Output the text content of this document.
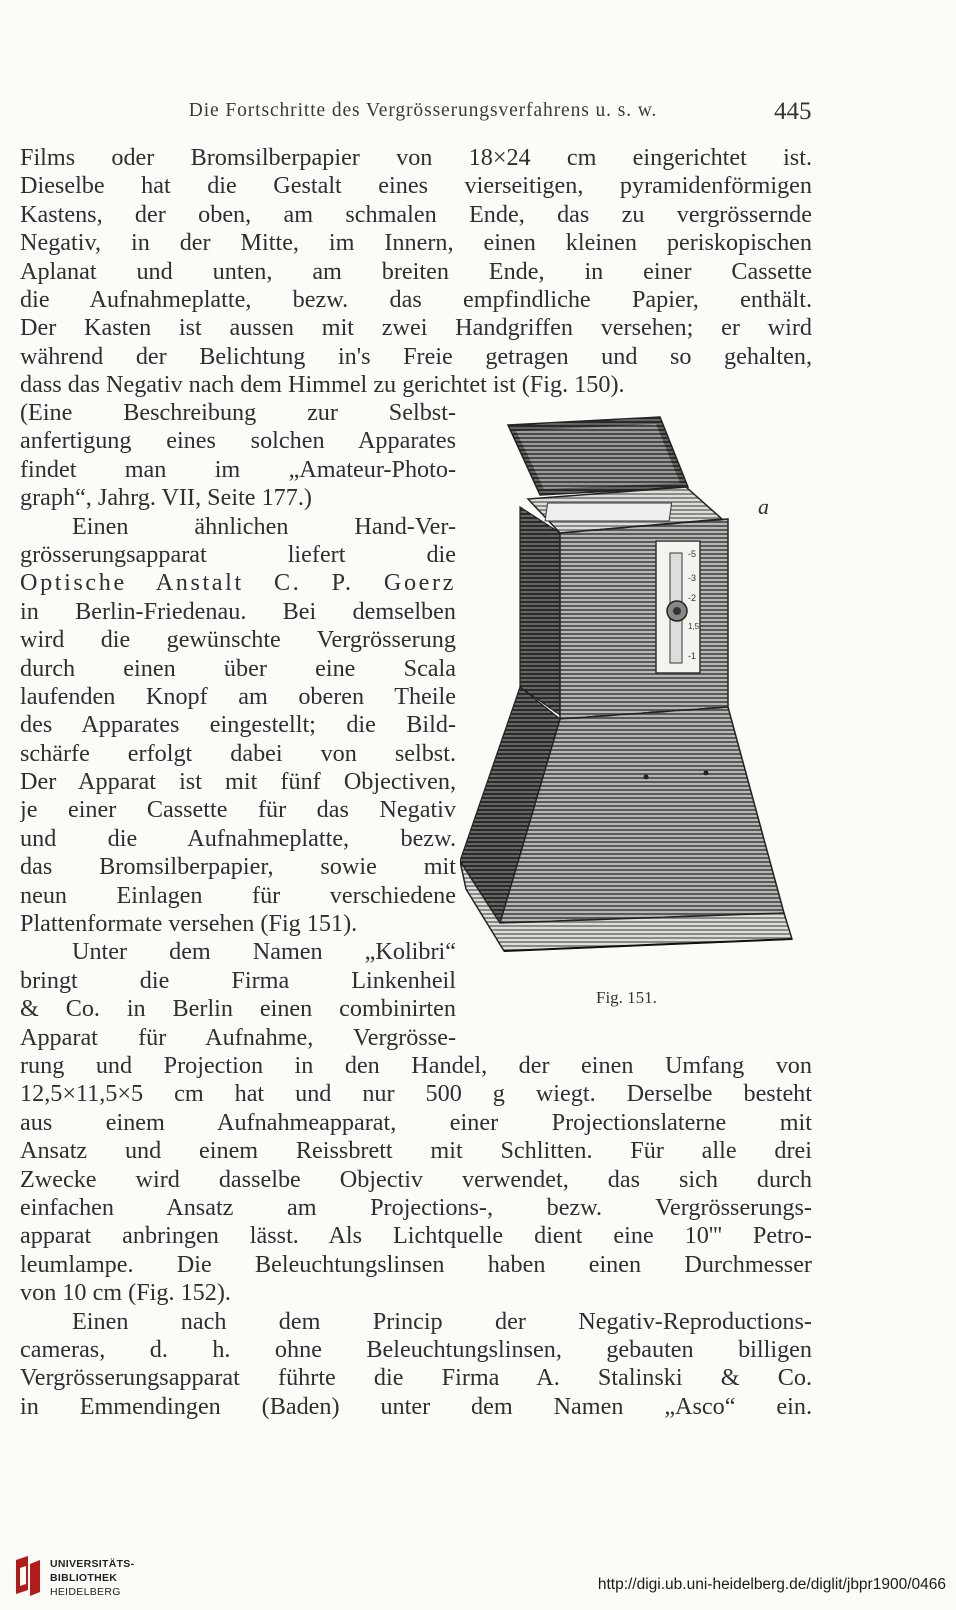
Die Fortschritte des Vergrösserungsverfahrens u. s. w.	445
Films oder Bromsilberpapier von 18×24 cm eingerichtet ist.
Dieselbe hat die Gestalt eines vierseitigen, pyramidenförmigen
Kastens, der oben, am schmalen Ende, das zu vergrössernde
Negativ, in der Mitte, im Innern, einen kleinen periskopischen
Aplanat und unten, am breiten Ende, in einer Cassette
die Aufnahmeplatte, bezw. das empfindliche Papier, enthält.
Der Kasten ist aussen mit zwei Handgriffen versehen; er wird
während der Belichtung in's Freie getragen und so gehalten,
dass das Negativ nach dem Himmel zu gerichtet ist (Fig. 150).
(Eine Beschreibung zur Selbst-
anfertigung eines solchen Apparates
findet man im „Amateur-Photo-
graph“, Jahrg. VII, Seite 177.)
Einen ähnlichen Hand-Ver-
grösserungsapparat liefert die
Optische Anstalt C. P. Goerz
in Berlin-Friedenau. Bei demselben
wird die gewünschte Vergrösserung
durch einen über eine Scala
laufenden Knopf am oberen Theile
des Apparates eingestellt; die Bild-
schärfe erfolgt dabei von selbst.
Der Apparat ist mit fünf Objectiven,
je einer Cassette für das Negativ
und die Aufnahmeplatte, bezw.
das Bromsilberpapier, sowie mit
neun Einlagen für verschiedene
Plattenformate versehen (Fig 151).
Unter dem Namen „Kolibri“
bringt die Firma Linkenheil
& Co. in Berlin einen combinirten
Apparat für Aufnahme, Vergrösse-
rung und Projection in den Handel, der einen Umfang von
12,5×11,5×5 cm hat und nur 500 g wiegt. Derselbe besteht
aus einem Aufnahmeapparat, einer Projectionslaterne mit
Ansatz und einem Reissbrett mit Schlitten. Für alle drei
Zwecke wird dasselbe Objectiv verwendet, das sich durch
einfachen Ansatz am Projections-, bezw. Vergrösserungs-
apparat anbringen lässt. Als Lichtquelle dient eine 10''' Petro-
leumlampe. Die Beleuchtungslinsen haben einen Durchmesser
von 10 cm (Fig. 152).
Einen nach dem Princip der Negativ-Reproductions-
cameras, d. h. ohne Beleuchtungslinsen, gebauten billigen
Vergrösserungsapparat führte die Firma A. Stalinski & Co.
in Emmendingen (Baden) unter dem Namen „Asco“ ein.
-5
-3
-2
1,5
-1
a
Fig. 151.
UNIVERSITÄTS-
BIBLIOTHEK
HEIDELBERG	http://digi.ub.uni-heidelberg.de/diglit/jbpr1900/0466
